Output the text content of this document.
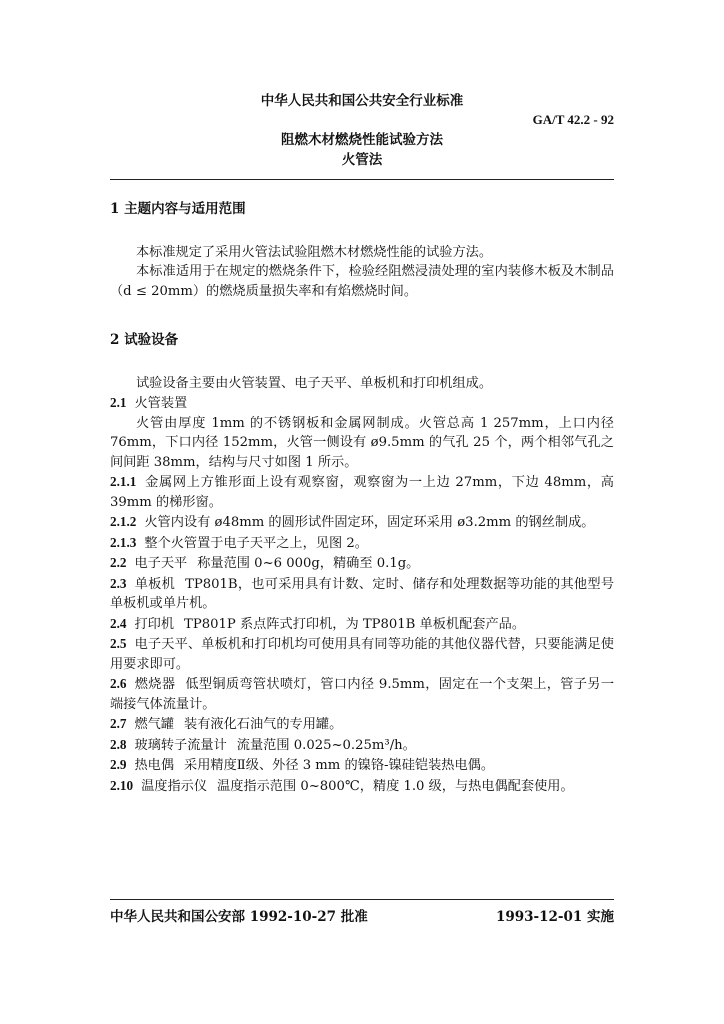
中华人民共和国公共安全行业标准
GA/T 42.2 - 92
阻燃木材燃烧性能试验方法
火管法

1 主题内容与适用范围

本标准规定了采用火管法试验阻燃木材燃烧性能的试验方法。

本标准适用于在规定的燃烧条件下，检验经阻燃浸渍处理的室内装修木板及木制品（d ≤ 20mm）的燃烧质量损失率和有焰燃烧时间。

2 试验设备

试验设备主要由火管装置、电子天平、单板机和打印机组成。

2.1 火管装置

火管由厚度 1mm 的不锈钢板和金属网制成。火管总高 1 257mm，上口内径 76mm，下口内径 152mm，火管一侧设有 ø9.5mm 的气孔 25 个，两个相邻气孔之间间距 38mm，结构与尺寸如图 1 所示。

2.1.1 金属网上方锥形面上设有观察窗，观察窗为一上边 27mm，下边 48mm，高 39mm 的梯形窗。

2.1.2 火管内设有 ø48mm 的圆形试件固定环，固定环采用 ø3.2mm 的钢丝制成。

2.1.3 整个火管置于电子天平之上，见图 2。

2.2 电子天平 称量范围 0~6 000g，精确至 0.1g。

2.3 单板机 TP801B，也可采用具有计数、定时、储存和处理数据等功能的其他型号单板机或单片机。

2.4 打印机 TP801P 系点阵式打印机，为 TP801B 单板机配套产品。

2.5 电子天平、单板机和打印机均可使用具有同等功能的其他仪器代替，只要能满足使用要求即可。

2.6 燃烧器 低型铜质弯管状喷灯，管口内径 9.5mm，固定在一个支架上，管子另一端接气体流量计。

2.7 燃气罐 装有液化石油气的专用罐。

2.8 玻璃转子流量计 流量范围 0.025~0.25m³/h。

2.9 热电偶 采用精度Ⅱ级、外径 3 mm 的镍铬-镍硅铠装热电偶。

2.10 温度指示仪 温度指示范围 0~800℃，精度 1.0 级，与热电偶配套使用。

中华人民共和国公安部 1992-10-27 批准	1993-12-01 实施
